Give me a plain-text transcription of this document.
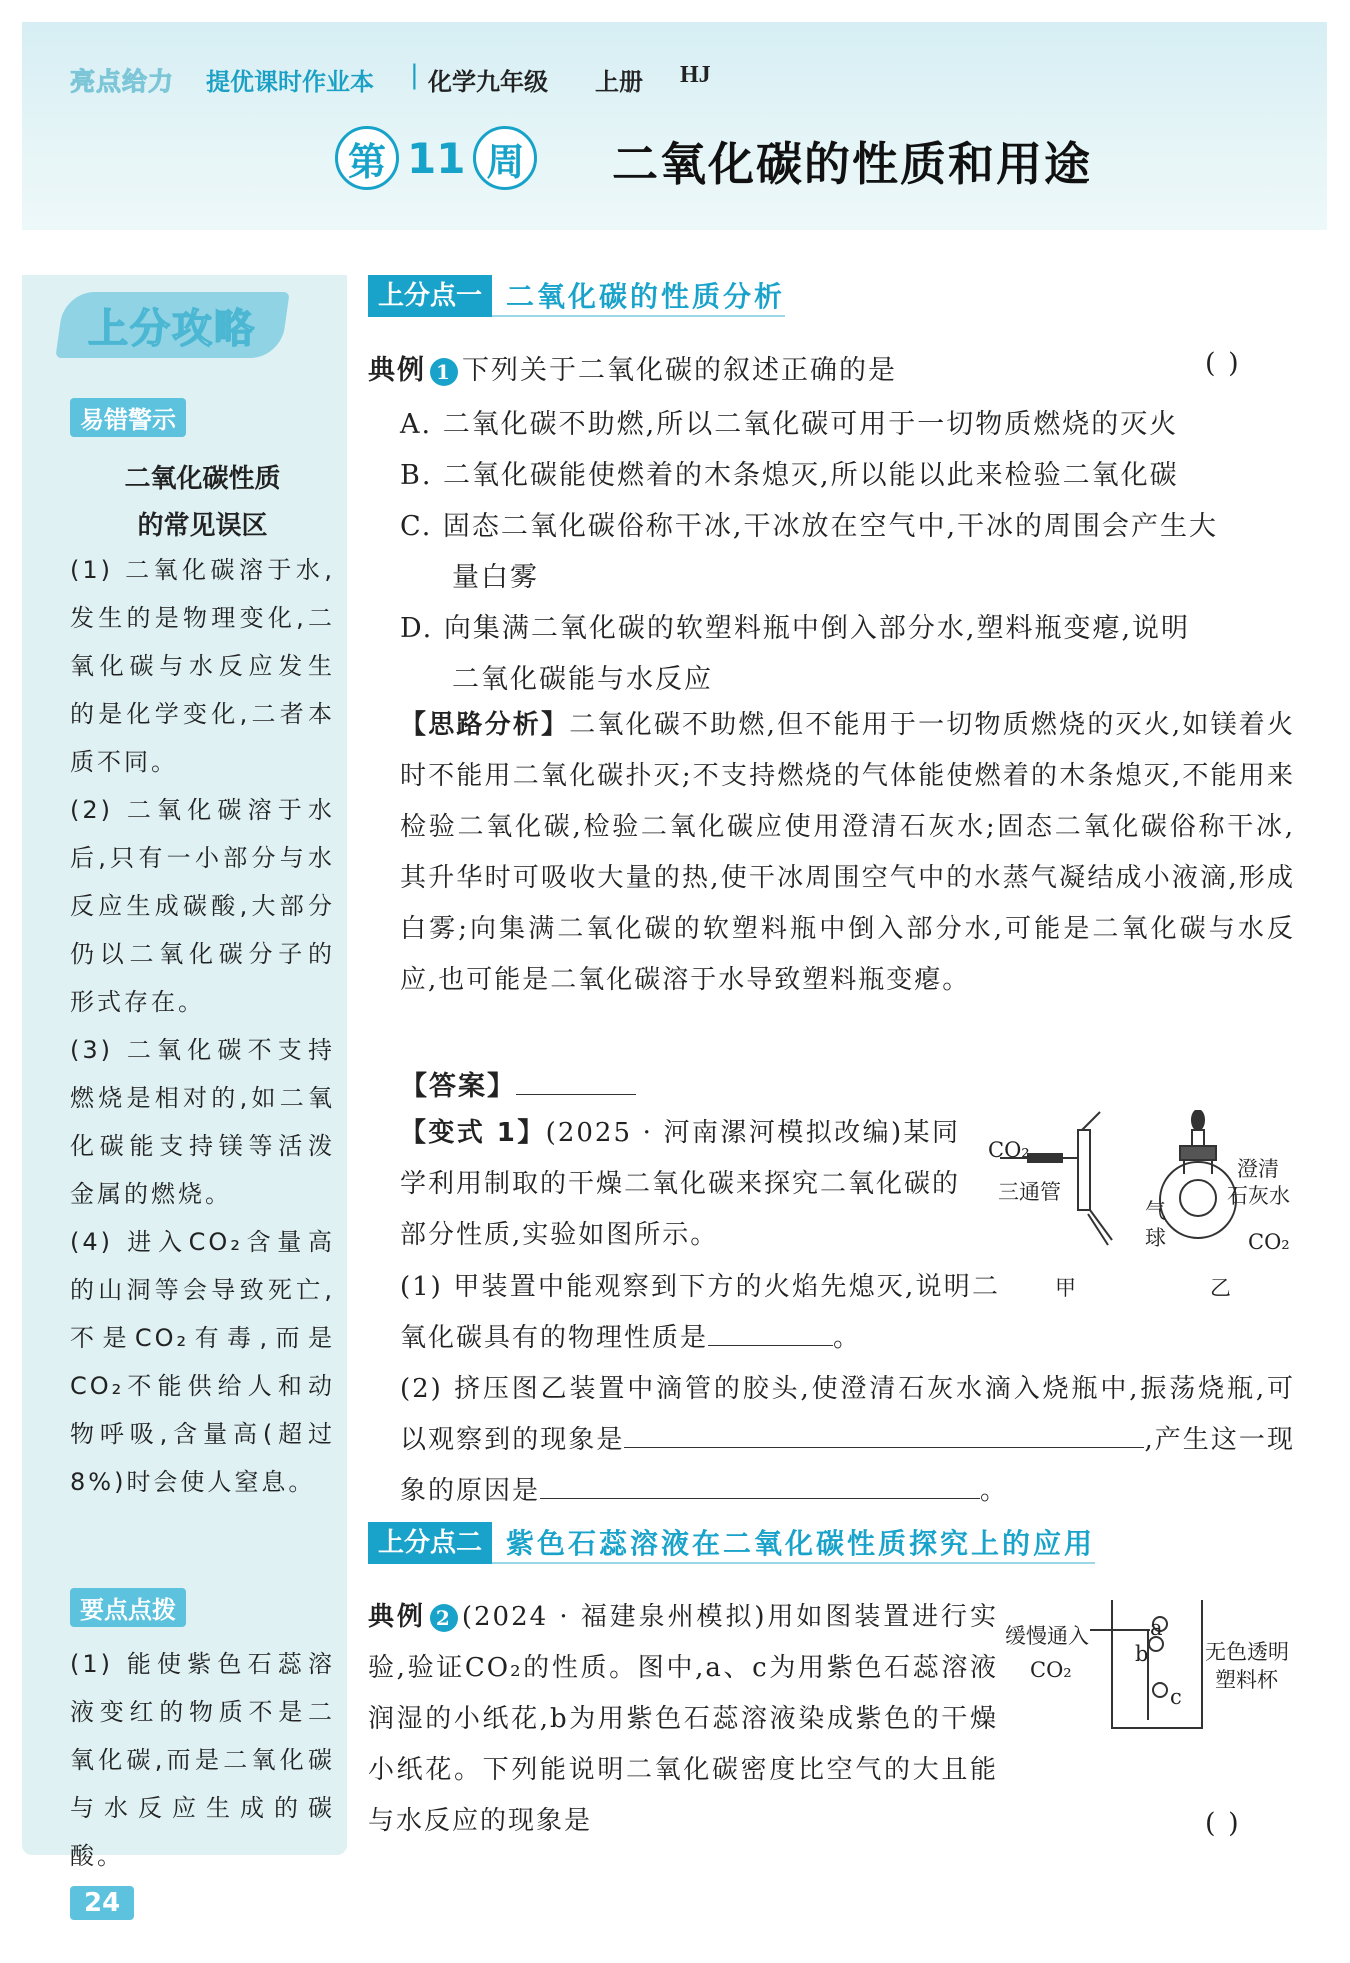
亮点给力 提优课时作业本 | 化学九年级 上册 HJ
第 11 周 二氧化碳的性质和用途
上分攻略
易错警示
二氧化碳性质
的常见误区
(1) 二氧化碳溶于水,发生的是物理变化,二氧化碳与水反应发生的是化学变化,二者本质不同。
(2) 二氧化碳溶于水后,只有一小部分与水反应生成碳酸,大部分仍以二氧化碳分子的形式存在。
(3) 二氧化碳不支持燃烧是相对的,如二氧化碳能支持镁等活泼金属的燃烧。
(4) 进入CO₂含量高的山洞等会导致死亡,不是CO₂有毒,而是CO₂不能供给人和动物呼吸,含量高(超过8%)时会使人窒息。
要点点拨
(1) 能使紫色石蕊溶液变红的物质不是二氧化碳,而是二氧化碳与水反应生成的碳酸。
24
上分点一 二氧化碳的性质分析
典例 1 下列关于二氧化碳的叙述正确的是	( )
A. 二氧化碳不助燃,所以二氧化碳可用于一切物质燃烧的灭火
B. 二氧化碳能使燃着的木条熄灭,所以能以此来检验二氧化碳
C. 固态二氧化碳俗称干冰,干冰放在空气中,干冰的周围会产生大
量白雾
D. 向集满二氧化碳的软塑料瓶中倒入部分水,塑料瓶变瘪,说明
二氧化碳能与水反应
【思路分析】二氧化碳不助燃,但不能用于一切物质燃烧的灭火,如镁着火时不能用二氧化碳扑灭;不支持燃烧的气体能使燃着的木条熄灭,不能用来检验二氧化碳,检验二氧化碳应使用澄清石灰水;固态二氧化碳俗称干冰,其升华时可吸收大量的热,使干冰周围空气中的水蒸气凝结成小液滴,形成白雾;向集满二氧化碳的软塑料瓶中倒入部分水,可能是二氧化碳与水反应,也可能是二氧化碳溶于水导致塑料瓶变瘪。
【答案】
【变式 1】(2025 · 河南漯河模拟改编)某同学利用制取的干燥二氧化碳来探究二氧化碳的部分性质,实验如图所示。
(1) 甲装置中能观察到下方的火焰先熄灭,说明二氧化碳具有的物理性质是	。
(2) 挤压图乙装置中滴管的胶头,使澄清石灰水滴入烧瓶中,振荡烧瓶,可以观察到的现象是	,产生这一现象的原因是	。
CO₂
三通管
甲
澄清
石灰水
气
球	CO₂
乙
上分点二 紫色石蕊溶液在二氧化碳性质探究上的应用
典例 2 (2024 · 福建泉州模拟)用如图装置进行实验,验证CO₂的性质。图中,a、c为用紫色石蕊溶液润湿的小纸花,b为用紫色石蕊溶液染成紫色的干燥小纸花。下列能说明二氧化碳密度比空气的大且能与水反应的现象是	( )
缓慢通入
CO₂
a
b
c
无色透明
塑料杯
